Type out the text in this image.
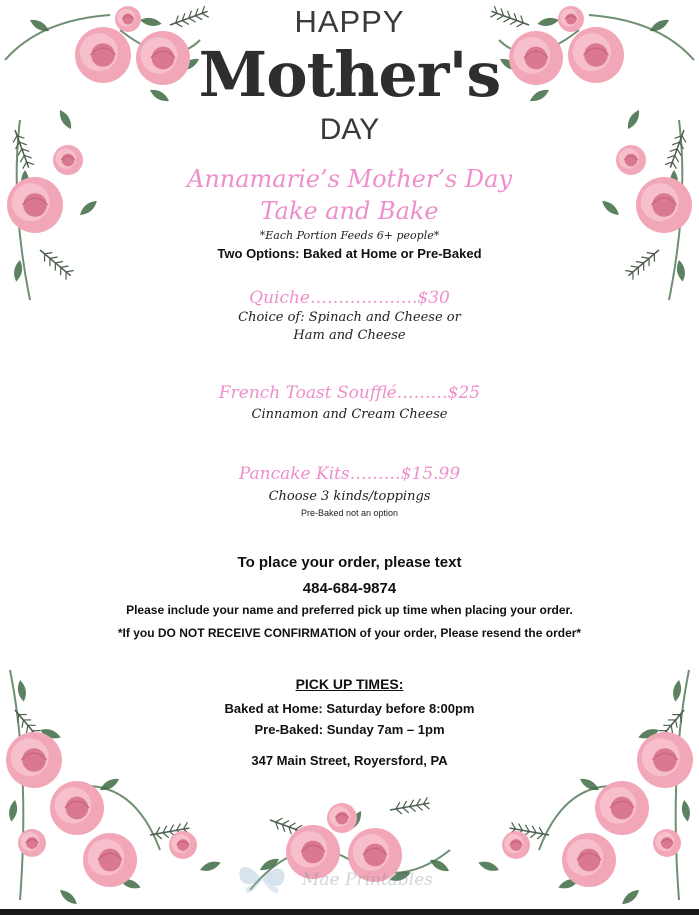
HAPPY
Mother's
DAY
Annamarie’s Mother’s Day
Take and Bake
*Each Portion Feeds 6+ people*
Two Options: Baked at Home or Pre-Baked
Quiche……………….$30
Choice of: Spinach and Cheese or
Ham and Cheese
French Toast Soufflé………$25
Cinnamon and Cream Cheese
Pancake Kits………$15.99
Choose 3 kinds/toppings
Pre-Baked not an option
To place your order, please text
484-684-9874
Please include your name and preferred pick up time when placing your order.
*If you DO NOT RECEIVE CONFIRMATION of your order, Please resend the order*
PICK UP TIMES:
Baked at Home: Saturday before 8:00pm
Pre-Baked: Sunday 7am – 1pm
347 Main Street, Royersford, PA
Mae Printables
